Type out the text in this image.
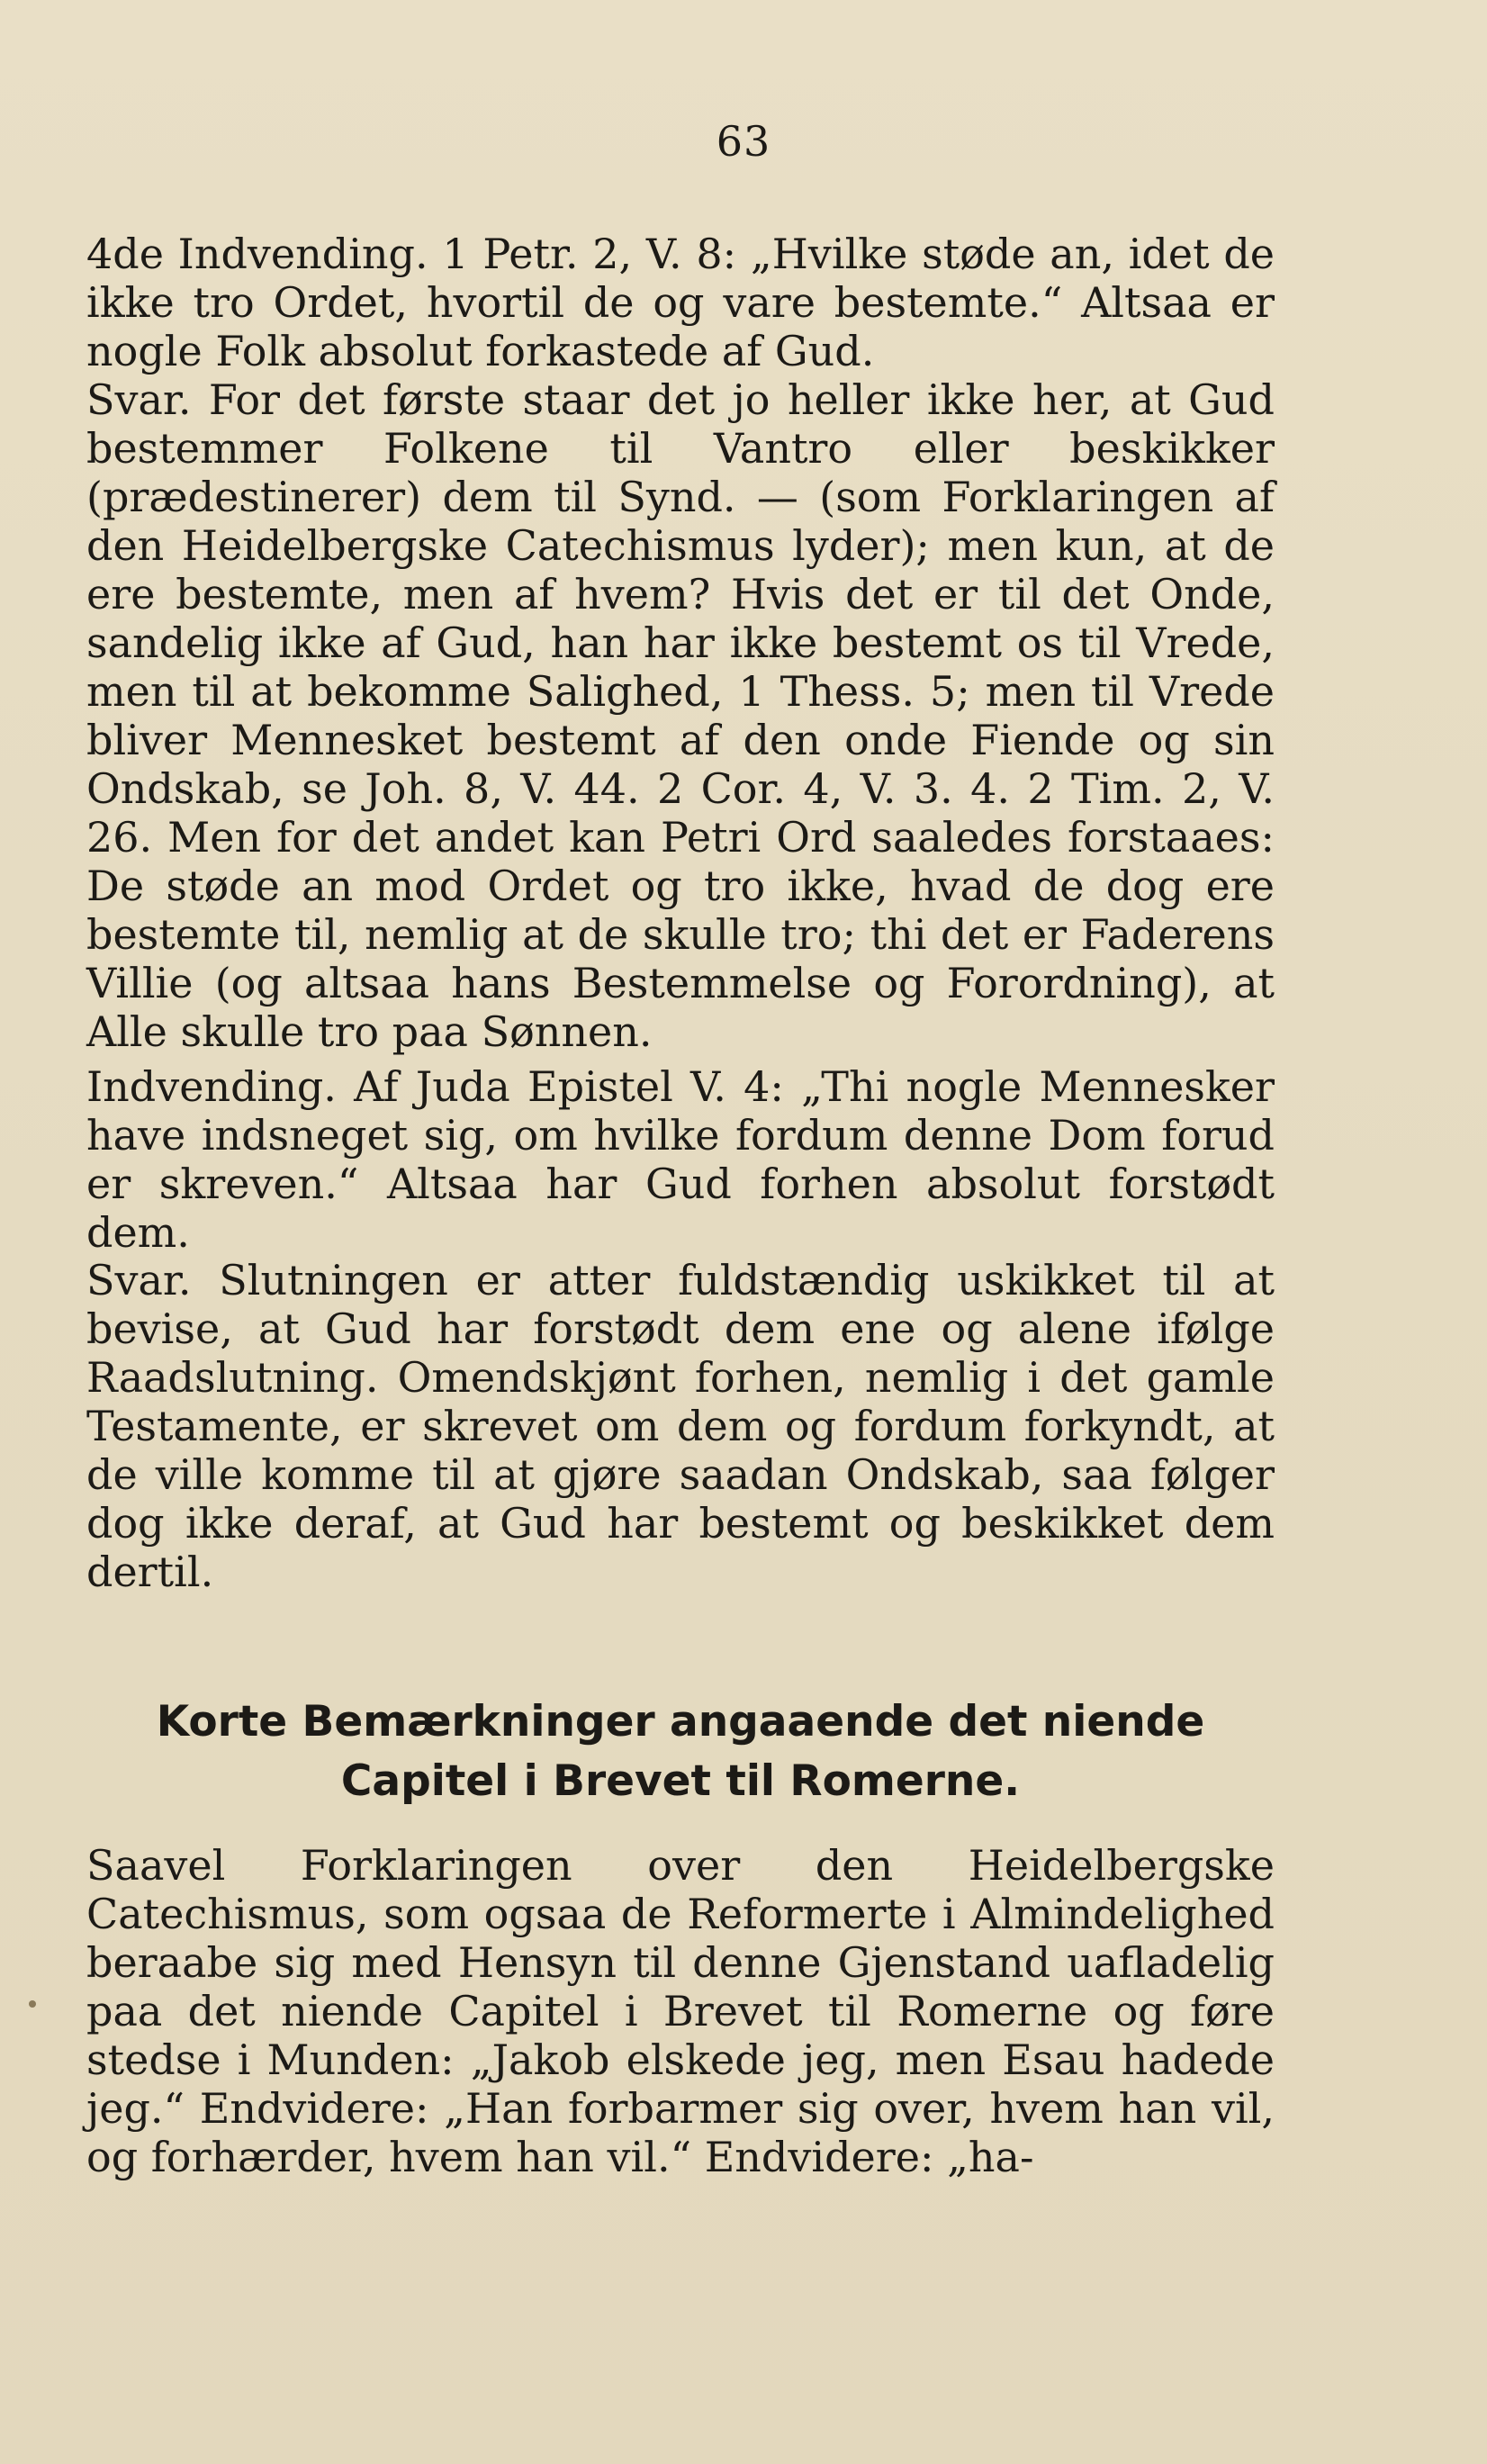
63
4de Indvending. 1 Petr. 2, V. 8: „Hvilke støde an, idet de ikke tro Ordet, hvortil de og vare bestemte.“ Altsaa er nogle Folk absolut forkastede af Gud.
Svar. For det første staar det jo heller ikke her, at Gud bestemmer Folkene til Vantro eller beskikker (prædestinerer) dem til Synd. — (som Forklaringen af den Heidelbergske Catechismus lyder); men kun, at de ere bestemte, men af hvem? Hvis det er til det Onde, sandelig ikke af Gud, han har ikke bestemt os til Vrede, men til at bekomme Salighed, 1 Thess. 5; men til Vrede bliver Mennesket bestemt af den onde Fiende og sin Ondskab, se Joh. 8, V. 44. 2 Cor. 4, V. 3. 4. 2 Tim. 2, V. 26. Men for det andet kan Petri Ord saaledes forstaaes: De støde an mod Ordet og tro ikke, hvad de dog ere bestemte til, nemlig at de skulle tro; thi det er Faderens Villie (og altsaa hans Bestemmelse og Forordning), at Alle skulle tro paa Sønnen.
Indvending. Af Juda Epistel V. 4: „Thi nogle Mennesker have indsneget sig, om hvilke fordum denne Dom forud er skreven.“ Altsaa har Gud forhen absolut forstødt dem.
Svar. Slutningen er atter fuldstændig uskikket til at bevise, at Gud har forstødt dem ene og alene ifølge Raadslutning. Omendskjønt forhen, nemlig i det gamle Testamente, er skrevet om dem og fordum forkyndt, at de ville komme til at gjøre saadan Ondskab, saa følger dog ikke deraf, at Gud har bestemt og beskikket dem dertil.
Korte Bemærkninger angaaende det niende Capitel i Brevet til Romerne.
Saavel Forklaringen over den Heidelbergske Catechismus, som ogsaa de Reformerte i Almindelighed beraabe sig med Hensyn til denne Gjenstand uafladelig paa det niende Capitel i Brevet til Romerne og føre stedse i Munden: „Jakob elskede jeg, men Esau hadede jeg.“ Endvidere: „Han forbarmer sig over, hvem han vil, og forhærder, hvem han vil.“ Endvidere: „ha-
